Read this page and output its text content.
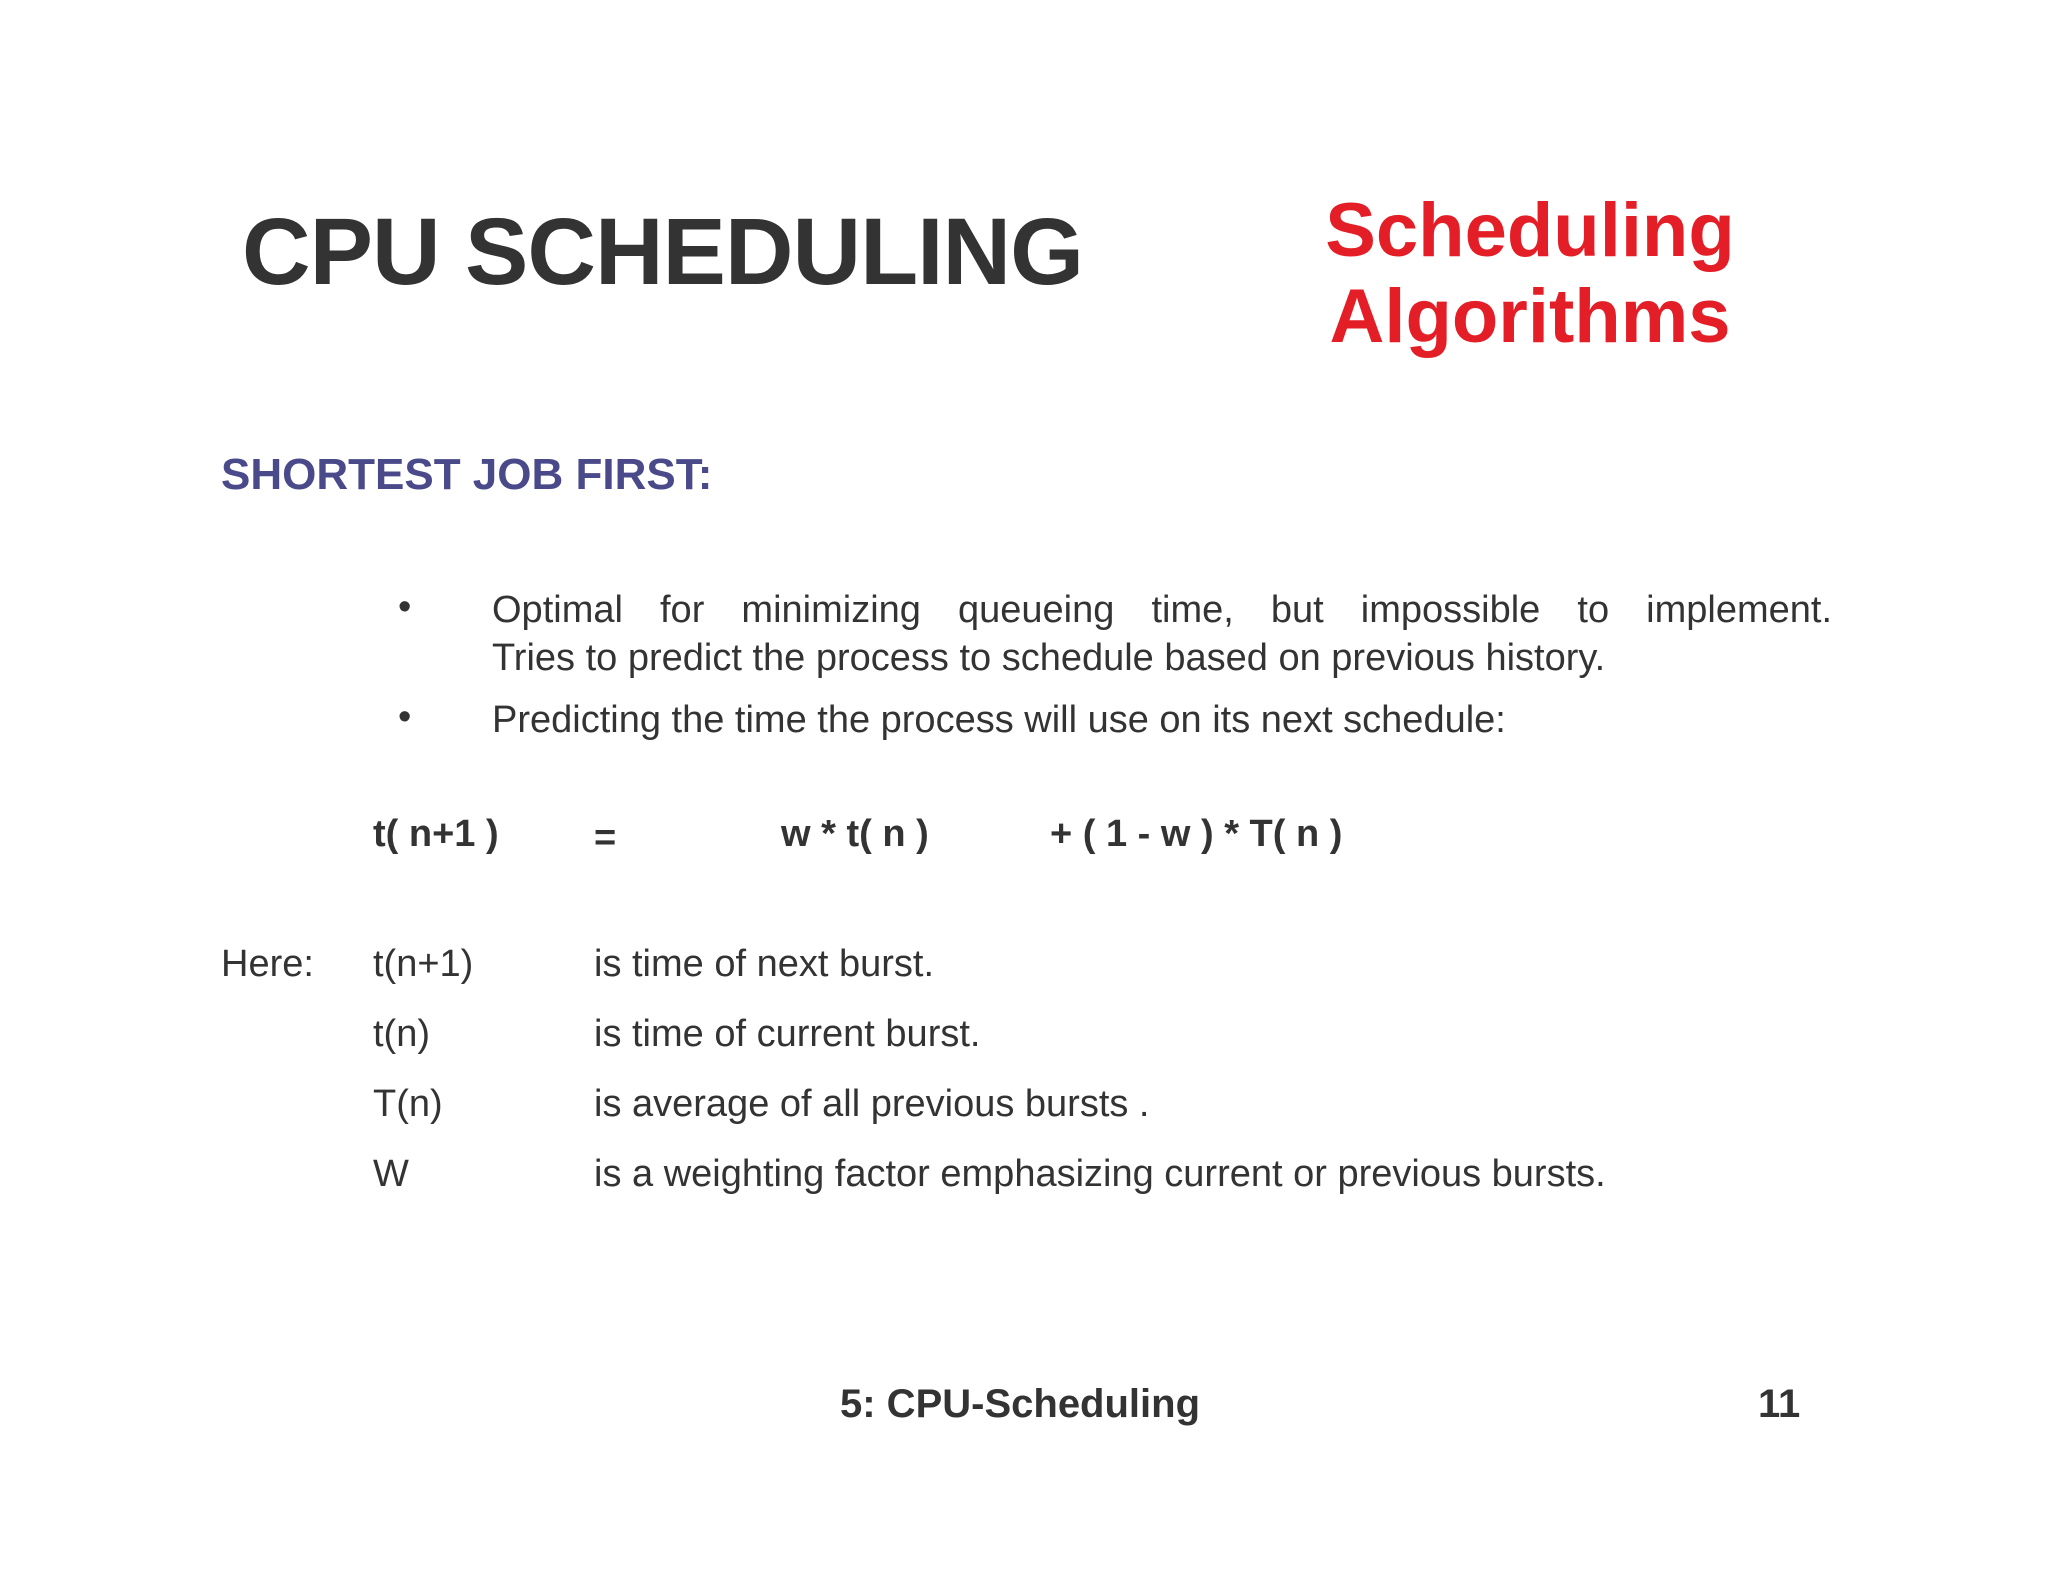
CPU SCHEDULING	Scheduling Algorithms
SHORTEST JOB FIRST:
• Optimal for minimizing queueing time, but impossible to implement.
Tries to predict the process to schedule based on previous history.
• Predicting the time the process will use on its next schedule:
t( n+1 )	=	w * t( n )	+ ( 1 - w ) * T( n )
Here: t(n+1)	is time of next burst.
t(n)	is time of current burst.
T(n)	is average of all previous bursts .
W	is a weighting factor emphasizing current or previous bursts.
5: CPU-Scheduling	11
